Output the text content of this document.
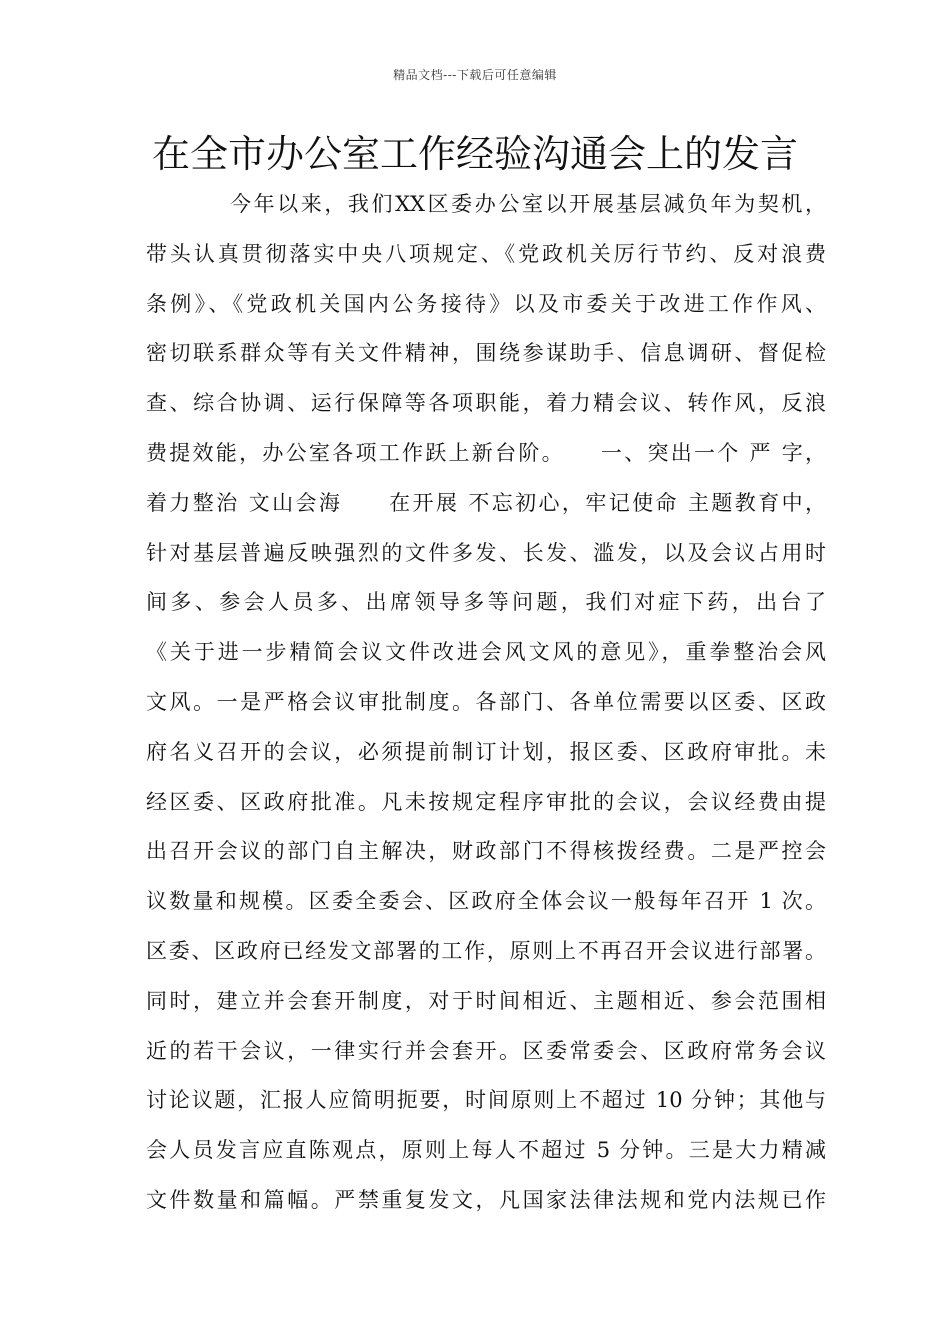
精品文档---下载后可任意编辑
在全市办公室工作经验沟通会上的发言
今年以来，我们XX区委办公室以开展基层减负年为契机，
带头认真贯彻落实中央八项规定、《党政机关厉行节约、反对浪费
条例》、《党政机关国内公务接待》以及市委关于改进工作作风、
密切联系群众等有关文件精神，围绕参谋助手、信息调研、督促检
查、综合协调、运行保障等各项职能，着力精会议、转作风，反浪
费提效能，办公室各项工作跃上新台阶。　　一、突出一个 严 字，
着力整治 文山会海　　在开展 不忘初心，牢记使命 主题教育中，
针对基层普遍反映强烈的文件多发、长发、滥发，以及会议占用时
间多、参会人员多、出席领导多等问题，我们对症下药，出台了
《关于进一步精简会议文件改进会风文风的意见》，重拳整治会风
文风。一是严格会议审批制度。各部门、各单位需要以区委、区政
府名义召开的会议，必须提前制订计划，报区委、区政府审批。未
经区委、区政府批准。凡未按规定程序审批的会议，会议经费由提
出召开会议的部门自主解决，财政部门不得核拨经费。二是严控会
议数量和规模。区委全委会、区政府全体会议一般每年召开 1 次。
区委、区政府已经发文部署的工作，原则上不再召开会议进行部署。
同时，建立并会套开制度，对于时间相近、主题相近、参会范围相
近的若干会议，一律实行并会套开。区委常委会、区政府常务会议
讨论议题，汇报人应简明扼要，时间原则上不超过 10 分钟；其他与
会人员发言应直陈观点，原则上每人不超过 5 分钟。三是大力精减
文件数量和篇幅。严禁重复发文，凡国家法律法规和党内法规已作
